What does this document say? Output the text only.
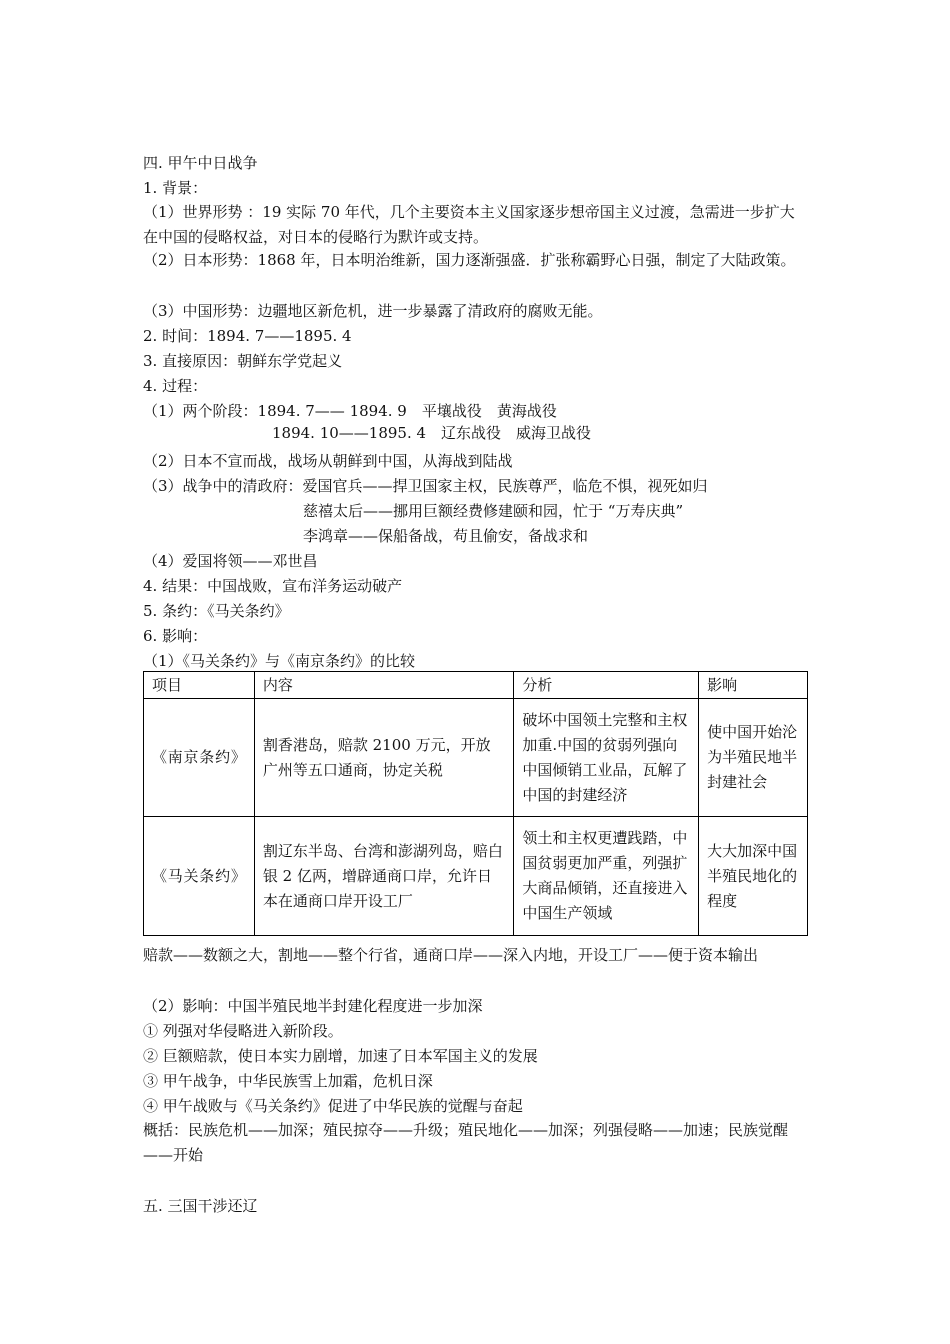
四. 甲午中日战争
1. 背景：
（1）世界形势 ：19 实际 70 年代，几个主要资本主义国家逐步想帝国主义过渡，急需进一步扩大在中国的侵略权益，对日本的侵略行为默许或支持。
（2）日本形势：1868 年，日本明治维新，国力逐渐强盛．扩张称霸野心日强，制定了大陆政策。
（3）中国形势：边疆地区新危机，进一步暴露了清政府的腐败无能。
2. 时间：1894. 7——1895. 4
3. 直接原因：朝鲜东学党起义
4. 过程：
（1）两个阶段：1894. 7—— 1894. 9　平壤战役　黄海战役
1894. 10——1895. 4　辽东战役　威海卫战役
（2）日本不宣而战，战场从朝鲜到中国，从海战到陆战
（3）战争中的清政府：爱国官兵——捍卫国家主权，民族尊严，临危不惧，视死如归
慈禧太后——挪用巨额经费修建颐和园，忙于 “万寿庆典”
李鸿章——保船备战，苟且偷安，备战求和
（4）爱国将领——邓世昌
4. 结果：中国战败，宣布洋务运动破产
5. 条约：《马关条约》
6. 影响：
（1）《马关条约》与《南京条约》的比较
项目	内容	分析	影响
《南京条约》	割香港岛，赔款 2100 万元，开放广州等五口通商，协定关税	破坏中国领土完整和主权加重.中国的贫弱列强向中国倾销工业品，瓦解了中国的封建经济	使中国开始沦为半殖民地半封建社会
《马关条约》	割辽东半岛、台湾和澎湖列岛，赔白银 2 亿两，增辟通商口岸，允许日本在通商口岸开设工厂	领土和主权更遭践踏，中国贫弱更加严重，列强扩大商品倾销，还直接进入中国生产领域	大大加深中国半殖民地化的程度
赔款——数额之大，割地——整个行省，通商口岸——深入内地，开设工厂——便于资本输出
（2）影响：中国半殖民地半封建化程度进一步加深
① 列强对华侵略进入新阶段。
② 巨额赔款，使日本实力剧增，加速了日本军国主义的发展
③ 甲午战争，中华民族雪上加霜，危机日深
④ 甲午战败与《马关条约》促进了中华民族的觉醒与奋起
概括：民族危机——加深；殖民掠夺——升级；殖民地化——加深；列强侵略——加速；民族觉醒——开始
五. 三国干涉还辽
